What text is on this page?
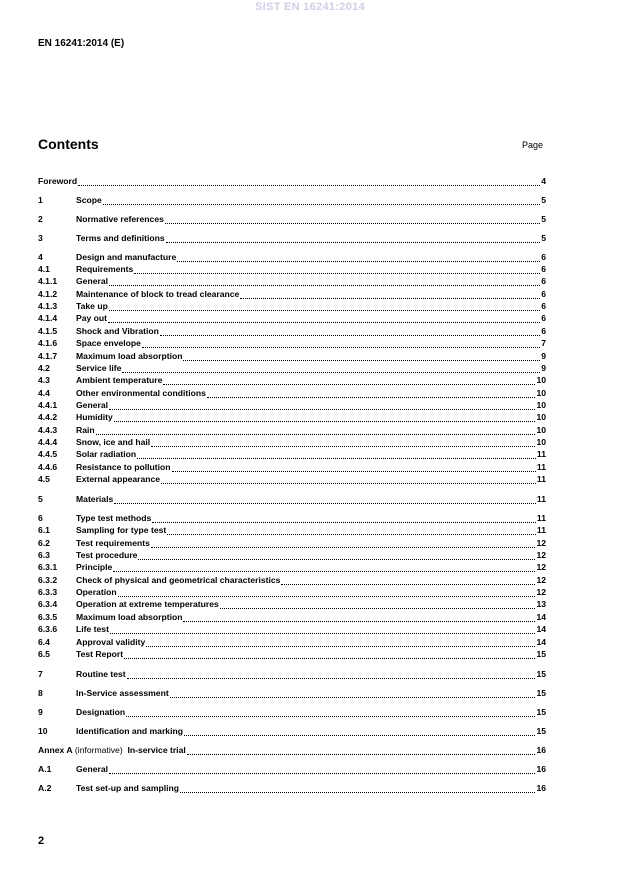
SIST EN 16241:2014
EN 16241:2014 (E)
Contents	Page
Foreword	4
1	Scope	5
2	Normative references	5
3	Terms and definitions	5
4	Design and manufacture	6
4.1	Requirements	6
4.1.1	General	6
4.1.2	Maintenance of block to tread clearance	6
4.1.3	Take up	6
4.1.4	Pay out	6
4.1.5	Shock and Vibration	6
4.1.6	Space envelope	7
4.1.7	Maximum load absorption	9
4.2	Service life	9
4.3	Ambient temperature	10
4.4	Other environmental conditions	10
4.4.1	General	10
4.4.2	Humidity	10
4.4.3	Rain	10
4.4.4	Snow, ice and hail	10
4.4.5	Solar radiation	11
4.4.6	Resistance to pollution	11
4.5	External appearance	11
5	Materials	11
6	Type test methods	11
6.1	Sampling for type test	11
6.2	Test requirements	12
6.3	Test procedure	12
6.3.1	Principle	12
6.3.2	Check of physical and geometrical characteristics	12
6.3.3	Operation	12
6.3.4	Operation at extreme temperatures	13
6.3.5	Maximum load absorption	14
6.3.6	Life test	14
6.4	Approval validity	14
6.5	Test Report	15
7	Routine test	15
8	In-Service assessment	15
9	Designation	15
10	Identification and marking	15
Annex A (informative)  In-service trial	16
A.1	General	16
A.2	Test set-up and sampling	16
2
